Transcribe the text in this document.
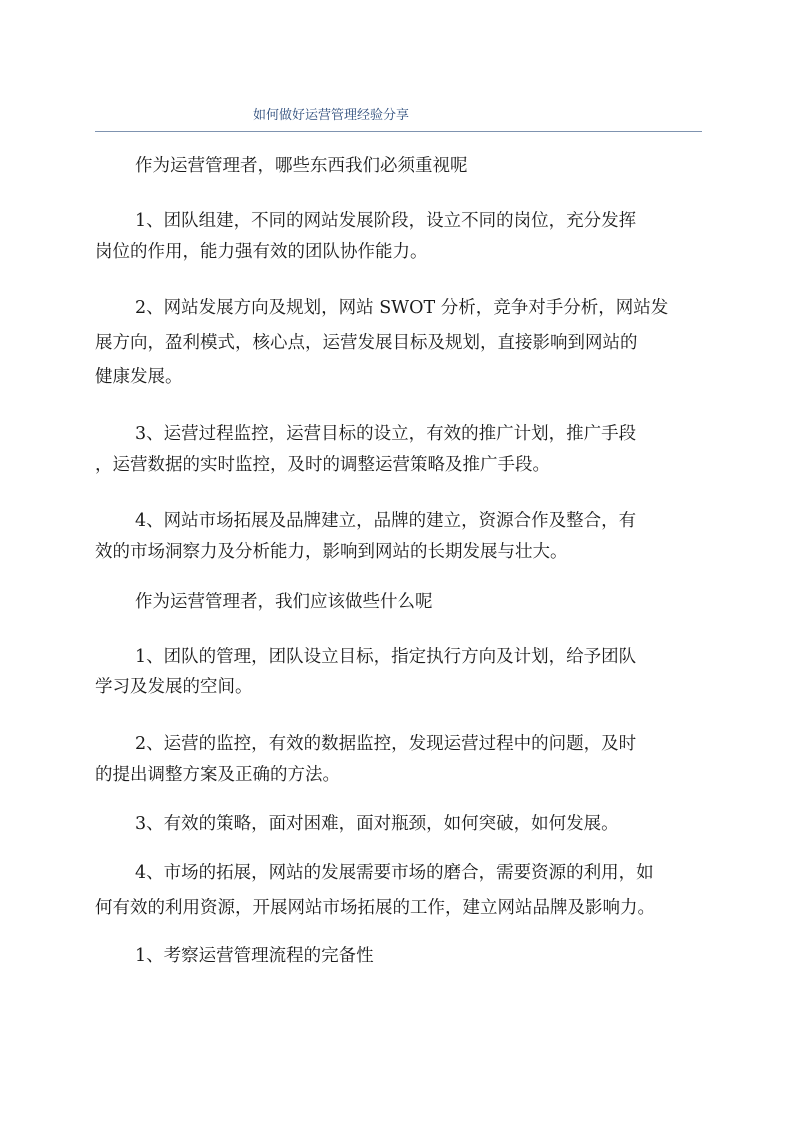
如何做好运营管理经验分享
作为运营管理者，哪些东西我们必须重视呢
1、团队组建，不同的网站发展阶段，设立不同的岗位，充分发挥
岗位的作用，能力强有效的团队协作能力。
2、网站发展方向及规划，网站 SWOT 分析，竞争对手分析，网站发
展方向，盈利模式，核心点，运营发展目标及规划，直接影响到网站的
健康发展。
3、运营过程监控，运营目标的设立，有效的推广计划，推广手段
，运营数据的实时监控，及时的调整运营策略及推广手段。
4、网站市场拓展及品牌建立，品牌的建立，资源合作及整合，有
效的市场洞察力及分析能力，影响到网站的长期发展与壮大。
作为运营管理者，我们应该做些什么呢
1、团队的管理，团队设立目标，指定执行方向及计划，给予团队
学习及发展的空间。
2、运营的监控，有效的数据监控，发现运营过程中的问题，及时
的提出调整方案及正确的方法。
3、有效的策略，面对困难，面对瓶颈，如何突破，如何发展。
4、市场的拓展，网站的发展需要市场的磨合，需要资源的利用，如
何有效的利用资源，开展网站市场拓展的工作，建立网站品牌及影响力。
1、考察运营管理流程的完备性
